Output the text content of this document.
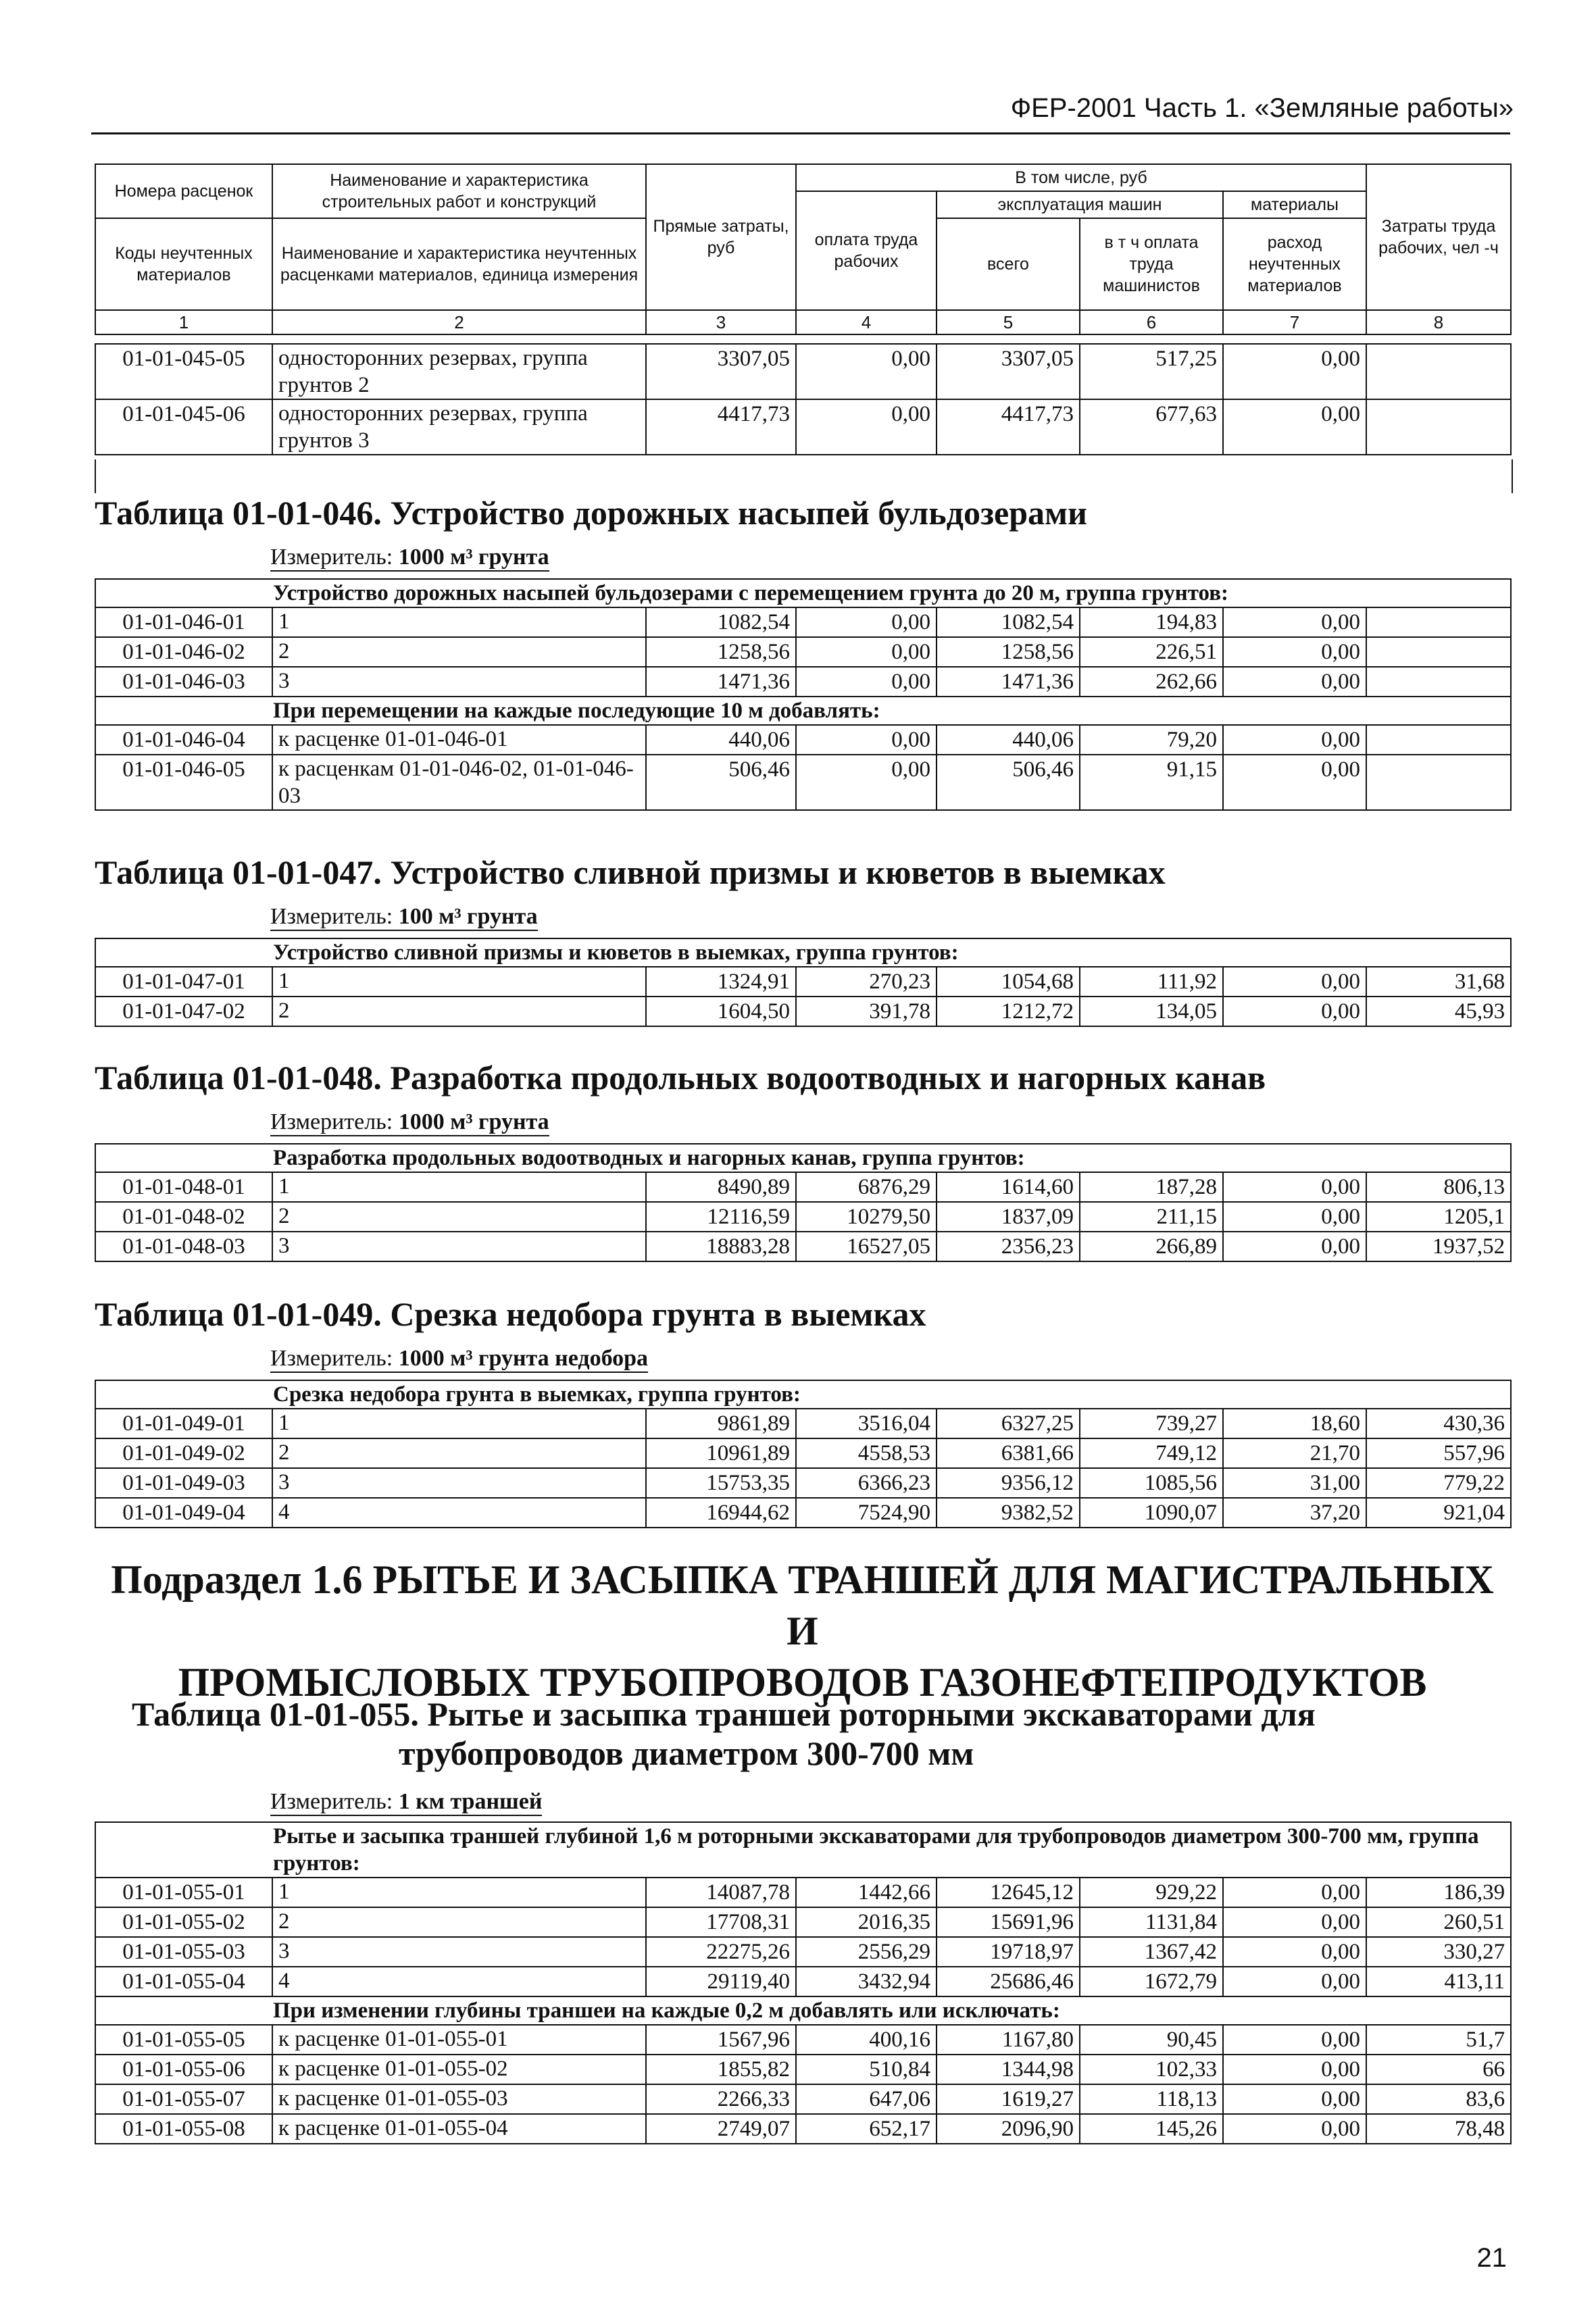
ФЕР-2001 Часть 1. «Земляные работы»
Номера расценок	Наименование и характеристика строительных работ и конструкций	Прямые затраты, руб	В том числе, руб				Затраты труда рабочих, чел -ч
			оплата труда рабочих	эксплуатация машин		материалы	
Коды неучтенных материалов	Наименование и характеристика неучтенных расценками материалов, единица измерения			всего	в т ч оплата труда машинистов	расход неучтенных материалов	

1	2	3	4	5	6	7	8
01-01-045-05	односторонних резервах, группа грунтов 2	3307,05	0,00	3307,05	517,25	0,00	
01-01-045-06	односторонних резервах, группа грунтов 3	4417,73	0,00	4417,73	677,63	0,00	
Таблица 01-01-046. Устройство дорожных насыпей бульдозерами
Измеритель: 1000 м³ грунта
Устройство дорожных насыпей бульдозерами с перемещением грунта до 20 м, группа грунтов:							
01-01-046-01	1	1082,54	0,00	1082,54	194,83	0,00	
01-01-046-02	2	1258,56	0,00	1258,56	226,51	0,00	
01-01-046-03	3	1471,36	0,00	1471,36	262,66	0,00	
При перемещении на каждые последующие 10 м добавлять:							
01-01-046-04	к расценке 01-01-046-01	440,06	0,00	440,06	79,20	0,00	
01-01-046-05	к расценкам 01-01-046-02, 01-01-046-03	506,46	0,00	506,46	91,15	0,00	
Таблица 01-01-047. Устройство сливной призмы и кюветов в выемках
Измеритель: 100 м³ грунта
Устройство сливной призмы и кюветов в выемках, группа грунтов:							
01-01-047-01	1	1324,91	270,23	1054,68	111,92	0,00	31,68
01-01-047-02	2	1604,50	391,78	1212,72	134,05	0,00	45,93
Таблица 01-01-048. Разработка продольных водоотводных и нагорных канав
Измеритель: 1000 м³ грунта
Разработка продольных водоотводных и нагорных канав, группа грунтов:							
01-01-048-01	1	8490,89	6876,29	1614,60	187,28	0,00	806,13
01-01-048-02	2	12116,59	10279,50	1837,09	211,15	0,00	1205,1
01-01-048-03	3	18883,28	16527,05	2356,23	266,89	0,00	1937,52
Таблица 01-01-049. Срезка недобора грунта в выемках
Измеритель: 1000 м³ грунта недобора
Срезка недобора грунта в выемках, группа грунтов:							
01-01-049-01	1	9861,89	3516,04	6327,25	739,27	18,60	430,36
01-01-049-02	2	10961,89	4558,53	6381,66	749,12	21,70	557,96
01-01-049-03	3	15753,35	6366,23	9356,12	1085,56	31,00	779,22
01-01-049-04	4	16944,62	7524,90	9382,52	1090,07	37,20	921,04
Подраздел 1.6 РЫТЬЕ И ЗАСЫПКА ТРАНШЕЙ ДЛЯ МАГИСТРАЛЬНЫХ И
ПРОМЫСЛОВЫХ ТРУБОПРОВОДОВ ГАЗОНЕФТЕПРОДУКТОВ
Таблица 01-01-055. Рытье и засыпка траншей роторными экскаваторами для
трубопроводов диаметром 300-700 мм
Измеритель: 1 км траншей
Рытье и засыпка траншей глубиной 1,6 м роторными экскаваторами для трубопроводов диаметром 300-700 мм, группа грунтов:							
01-01-055-01	1	14087,78	1442,66	12645,12	929,22	0,00	186,39
01-01-055-02	2	17708,31	2016,35	15691,96	1131,84	0,00	260,51
01-01-055-03	3	22275,26	2556,29	19718,97	1367,42	0,00	330,27
01-01-055-04	4	29119,40	3432,94	25686,46	1672,79	0,00	413,11
При изменении глубины траншеи на каждые 0,2 м добавлять или исключать:							
01-01-055-05	к расценке 01-01-055-01	1567,96	400,16	1167,80	90,45	0,00	51,7
01-01-055-06	к расценке 01-01-055-02	1855,82	510,84	1344,98	102,33	0,00	66
01-01-055-07	к расценке 01-01-055-03	2266,33	647,06	1619,27	118,13	0,00	83,6
01-01-055-08	к расценке 01-01-055-04	2749,07	652,17	2096,90	145,26	0,00	78,48
21
